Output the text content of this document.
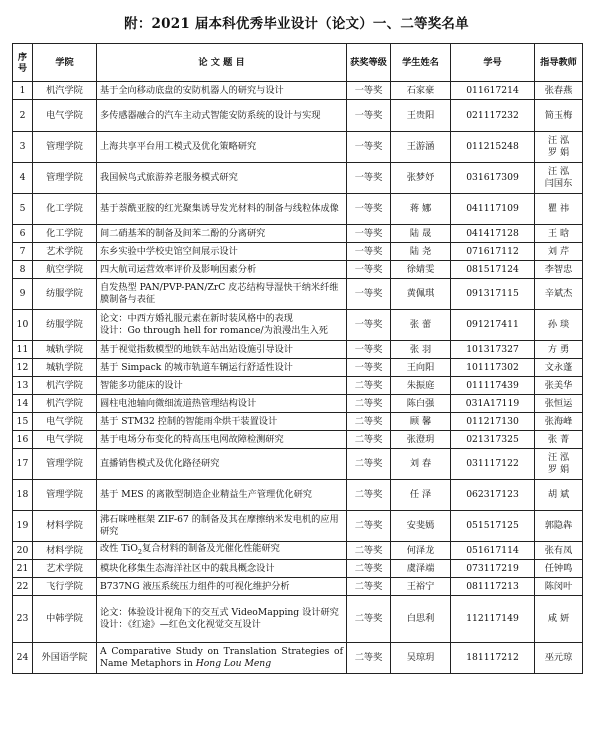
附：2021 届本科优秀毕业设计（论文）一、二等奖名单
序号	学院	论 文 题 目	获奖等级	学生姓名	学号	指导教师
1	机汽学院	基于全向移动底盘的安防机器人的研究与设计	一等奖	石家豪	011617214	张春燕
2	电气学院	多传感器融合的汽车主动式智能安防系统的设计与实现	一等奖	王贵阳	021117232	简玉梅
3	管理学院	上海共享平台用工模式及优化策略研究	一等奖	王游涵	011215248	汪 泓
罗 娟
4	管理学院	我国候鸟式旅游养老服务模式研究	一等奖	张梦妤	031617309	汪 泓
闫国东
5	化工学院	基于萘酰亚胺的红光聚集诱导发光材料的制备与线粒体成像	一等奖	蒋 娜	041117109	瞿 祎
6	化工学院	间二硝基苯的制备及间苯二酚的分离研究	一等奖	陆 晟	041417128	王 晗
7	艺术学院	东乡实验中学校史馆空间展示设计	一等奖	陆 尧	071617112	刘 芹
8	航空学院	四大航司运营效率评价及影响因素分析	一等奖	徐婧雯	081517124	李智忠
9	纺服学院	自发热型 PAN/PVP-PAN/ZrC 皮芯结构导湿快干纳米纤维膜制备与表征	一等奖	黄佩琪	091317115	辛斌杰
10	纺服学院	论文：中西方婚礼服元素在新时装风格中的表现
设计：Go through hell for romance/为浪漫出生入死	一等奖	张 蕾	091217411	孙 琰
11	城轨学院	基于视觉指数模型的地铁车站出站设施引导设计	一等奖	张 羽	101317327	方 勇
12	城轨学院	基于 Simpack 的城市轨道车辆运行舒适性设计	一等奖	王向阳	101117302	文永蓬
13	机汽学院	智能多功能床的设计	二等奖	朱振庭	011117439	张美华
14	机汽学院	圆柱电池轴向微细流道热管理结构设计	二等奖	陈白强	031A17119	张恒运
15	电气学院	基于 STM32 控制的智能雨伞烘干装置设计	二等奖	顾 馨	011217130	张海峰
16	电气学院	基于电场分布变化的特高压电网故障检测研究	二等奖	张澄玥	021317325	张 菁
17	管理学院	直播销售模式及优化路径研究	二等奖	刘 春	031117122	汪 泓
罗 娟
18	管理学院	基于 MES 的离散型制造企业精益生产管理优化研究	二等奖	任 泽	062317123	胡 斌
19	材料学院	沸石咪唑框架 ZIF-67 的制备及其在摩擦纳米发电机的应用研究	二等奖	安斐嫣	051517125	郭隐犇
20	材料学院	改性 TiO$_2$复合材料的制备及光催化性能研究	二等奖	何泽龙	051617114	张有凤
21	艺术学院	模块化移集生态海洋社区中的载具概念设计	二等奖	虞泽端	073117219	任钟鸣
22	飞行学院	B737NG 液压系统压力组件的可视化维护分析	二等奖	王裕宁	081117213	陈闵叶
23	中韩学院	论文：体验设计视角下的交互式 VideoMapping 设计研究
设计：《红途》—红色文化视觉交互设计	二等奖	白思利	112117149	咸 妍
24	外国语学院	A Comparative Study on Translation Strategies of Name Metaphors in Hong Lou Meng	二等奖	吴琼玥	181117212	巫元琼
